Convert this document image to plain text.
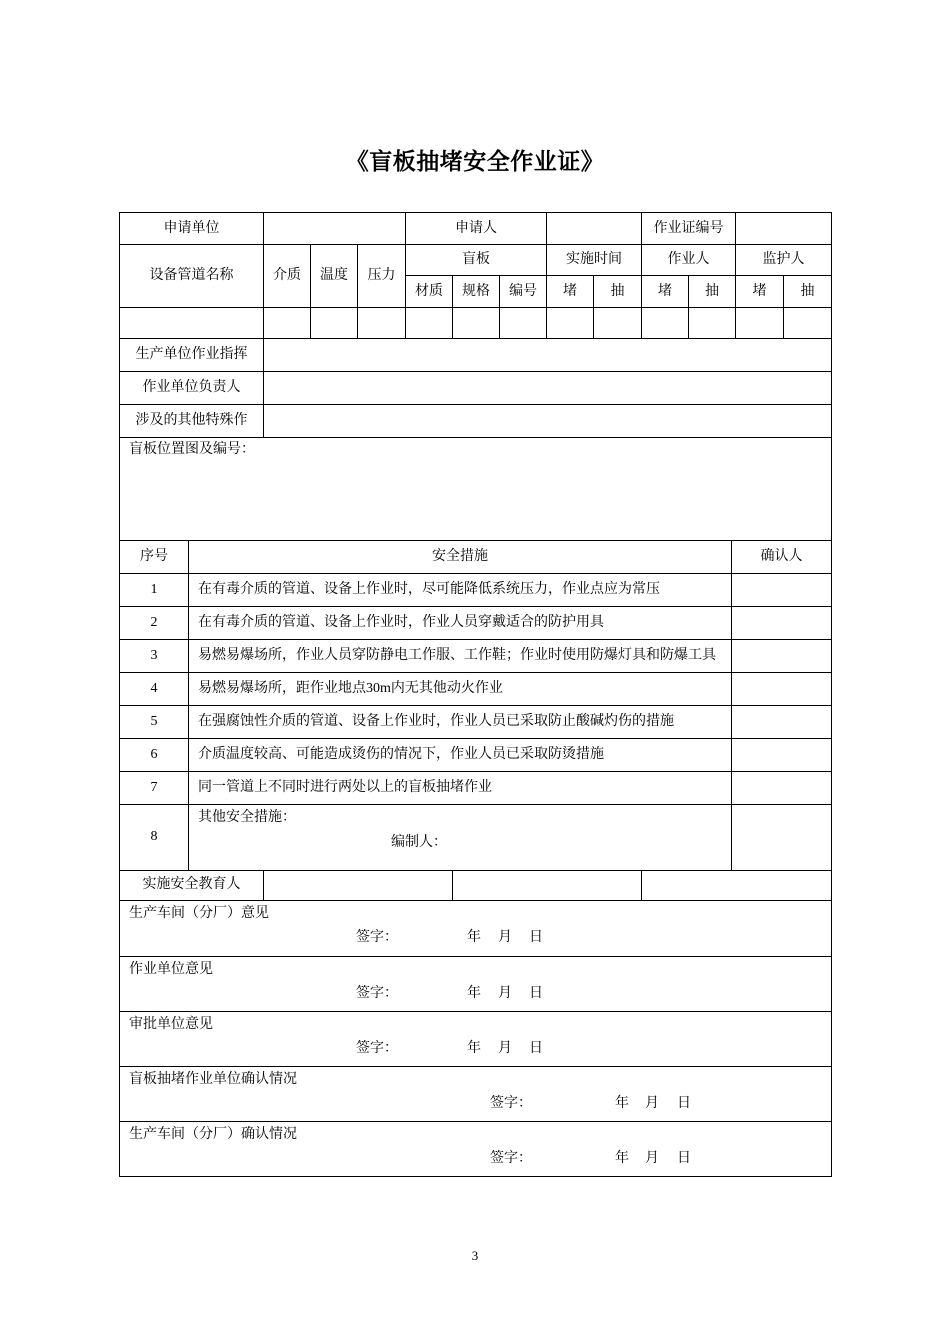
《盲板抽堵安全作业证》
申请单位				申请人					作业证编号			
设备管道名称	介质	温度	压力	盲板			实施时间		作业人		监护人	
				材质	规格	编号	堵	抽	堵	抽	堵	抽

生产单位作业指挥												
作业单位负责人												
涉及的其他特殊作												
盲板位置图及编号：												
序号	安全措施	确认人
1	在有毒介质的管道、设备上作业时，尽可能降低系统压力，作业点应为常压	
2	在有毒介质的管道、设备上作业时，作业人员穿戴适合的防护用具	
3	易燃易爆场所，作业人员穿防静电工作服、工作鞋；作业时使用防爆灯具和防爆工具	
4	易燃易爆场所，距作业地点30m内无其他动火作业	
5	在强腐蚀性介质的管道、设备上作业时，作业人员已采取防止酸碱灼伤的措施	
6	介质温度较高、可能造成烫伤的情况下，作业人员已采取防烫措施	
7	同一管道上不同时进行两处以上的盲板抽堵作业	
8	其他安全措施：
编制人：	

实施安全教育人			
生产车间（分厂）意见
签字：	年 月 日

作业单位意见
签字：	年 月 日

审批单位意见
签字：	年 月 日

盲板抽堵作业单位确认情况
签字：	年 月 日

生产车间（分厂）确认情况
签字：	年 月 日
3
